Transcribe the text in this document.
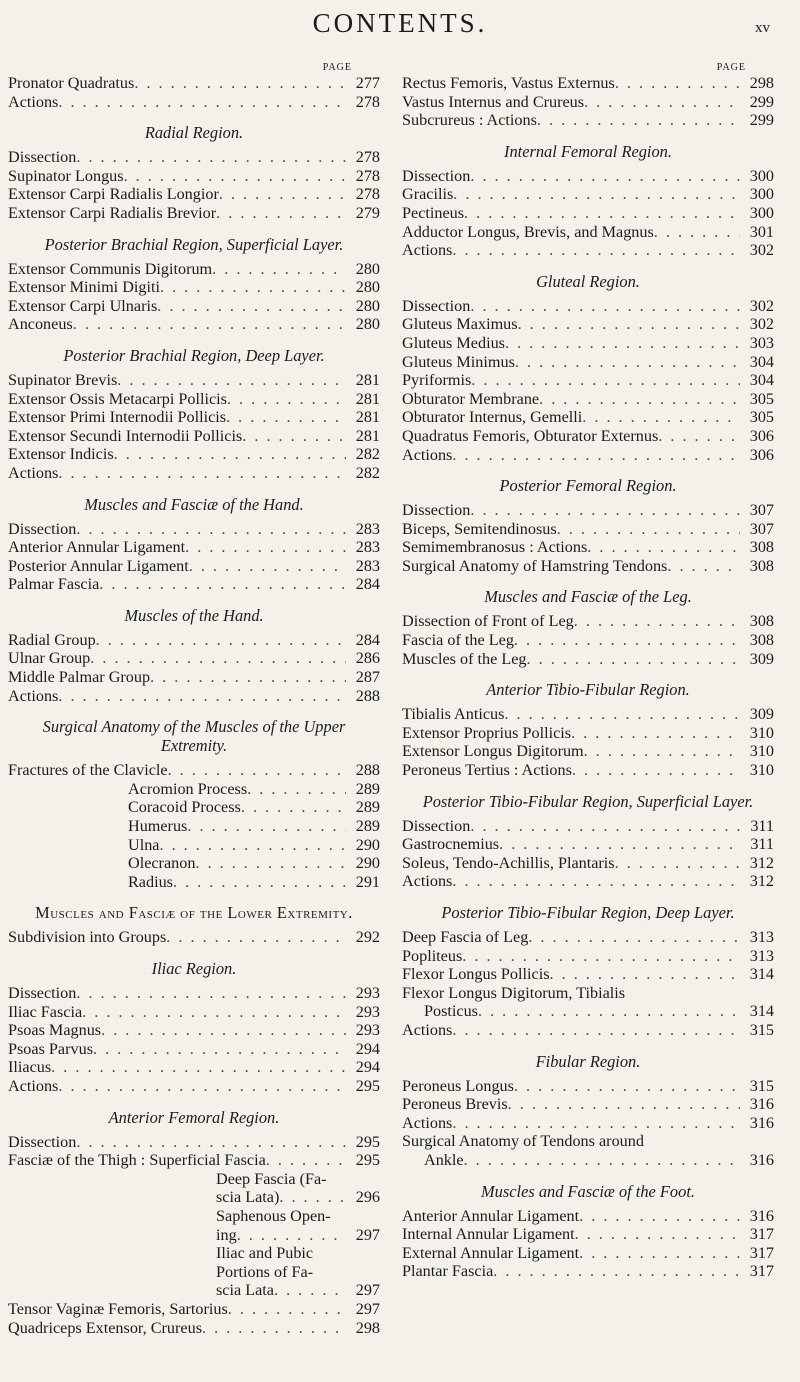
CONTENTS.	xv
PAGE
Pronator Quadratus . . .	277
Actions . . .	278
Radial Region.
Dissection . . .	278
Supinator Longus . . .	278
Extensor Carpi Radialis Longior . . .	278
Extensor Carpi Radialis Brevior . . .	279
Posterior Brachial Region, Superficial Layer.
Extensor Communis Digitorum . . .	280
Extensor Minimi Digiti . . .	280
Extensor Carpi Ulnaris . . .	280
Anconeus . . .	280
Posterior Brachial Region, Deep Layer.
Supinator Brevis . . .	281
Extensor Ossis Metacarpi Pollicis . . .	281
Extensor Primi Internodii Pollicis . . .	281
Extensor Secundi Internodii Pollicis . . .	281
Extensor Indicis . . .	282
Actions . . .	282
Muscles and Fasciæ of the Hand.
Dissection . . .	283
Anterior Annular Ligament . . .	283
Posterior Annular Ligament . . .	283
Palmar Fascia . . .	284
Muscles of the Hand.
Radial Group . . .	284
Ulnar Group . . .	286
Middle Palmar Group . . .	287
Actions . . .	288
Surgical Anatomy of the Muscles of the Upper Extremity.
Fractures of the Clavicle . . .	288
Acromion Process . . .	289
Coracoid Process . . .	289
Humerus . . .	289
Ulna . . .	290
Olecranon . . .	290
Radius . . .	291
Muscles and Fasciæ of the Lower Extremity.
Subdivision into Groups . . .	292
Iliac Region.
Dissection . . .	293
Iliac Fascia . . .	293
Psoas Magnus . . .	293
Psoas Parvus . . .	294
Iliacus . . .	294
Actions . . .	295
Anterior Femoral Region.
Dissection . . .	295
Fasciæ of the Thigh :
Superficial Fascia . . .	295
Deep Fascia (Fa-
scia Lata) . . .	296
Saphenous Open-
ing . . .	297
Iliac and Pubic
Portions of Fa-
scia Lata . . .	297
Tensor Vaginæ Femoris, Sartorius . . .	297
Quadriceps Extensor, Crureus . . .	298
PAGE
Rectus Femoris, Vastus Externus . . .	298
Vastus Internus and Crureus . . .	299
Subcrureus : Actions . . .	299
Internal Femoral Region.
Dissection . . .	300
Gracilis . . .	300
Pectineus . . .	300
Adductor Longus, Brevis, and Magnus . . .	301
Actions . . .	302
Gluteal Region.
Dissection . . .	302
Gluteus Maximus . . .	302
Gluteus Medius . . .	303
Gluteus Minimus . . .	304
Pyriformis . . .	304
Obturator Membrane . . .	305
Obturator Internus, Gemelli . . .	305
Quadratus Femoris, Obturator Externus . . .	306
Actions . . .	306
Posterior Femoral Region.
Dissection . . .	307
Biceps, Semitendinosus . . .	307
Semimembranosus : Actions . . .	308
Surgical Anatomy of Hamstring Tendons . . .	308
Muscles and Fasciæ of the Leg.
Dissection of Front of Leg . . .	308
Fascia of the Leg . . .	308
Muscles of the Leg . . .	309
Anterior Tibio-Fibular Region.
Tibialis Anticus . . .	309
Extensor Proprius Pollicis . . .	310
Extensor Longus Digitorum . . .	310
Peroneus Tertius : Actions . . .	310
Posterior Tibio-Fibular Region, Superficial Layer.
Dissection . . .	311
Gastrocnemius . . .	311
Soleus, Tendo-Achillis, Plantaris . . .	312
Actions . . .	312
Posterior Tibio-Fibular Region, Deep Layer.
Deep Fascia of Leg . . .	313
Popliteus . . .	313
Flexor Longus Pollicis . . .	314
Flexor Longus Digitorum, Tibialis
Posticus . . .	314
Actions . . .	315
Fibular Region.
Peroneus Longus . . .	315
Peroneus Brevis . . .	316
Actions . . .	316
Surgical Anatomy of Tendons around
Ankle . . .	316
Muscles and Fasciæ of the Foot.
Anterior Annular Ligament . . .	316
Internal Annular Ligament . . .	317
External Annular Ligament . . .	317
Plantar Fascia . . .	317
